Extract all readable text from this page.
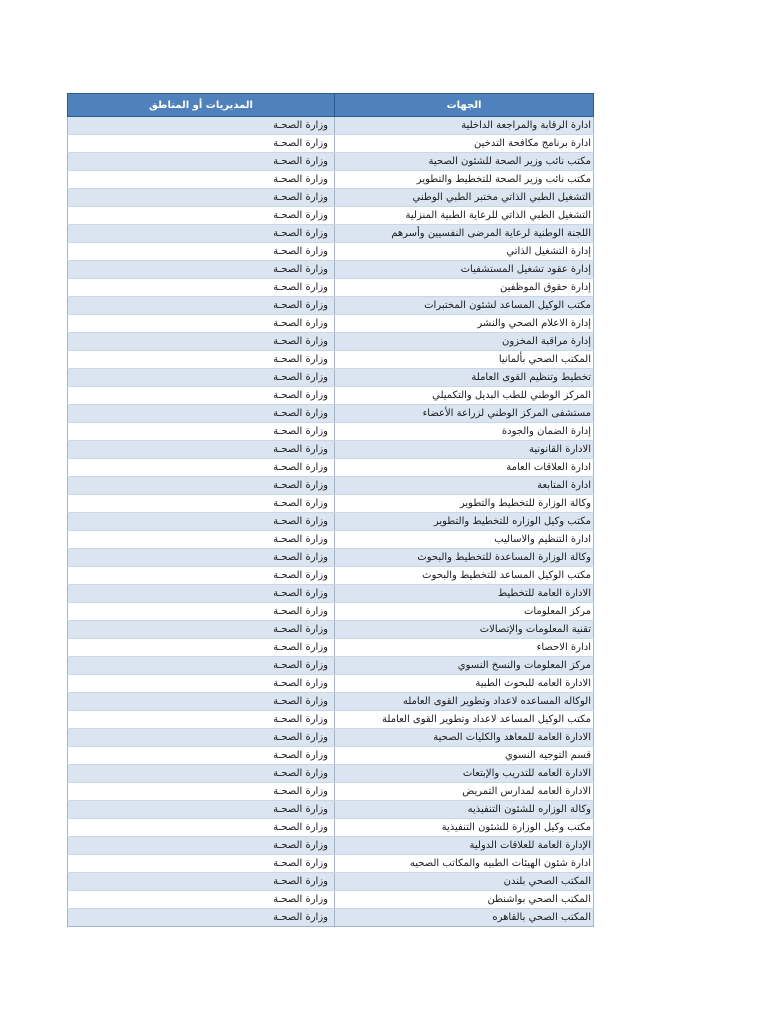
المديريات أو المناطق	الجهات
وزارة الصحـة	ادارة الرقابة والمراجعة الداخلية
وزارة الصحـة	ادارة برنامج مكافحة التدخين
وزارة الصحـة	مكتب نائب وزير الصحة للشئون الصحية
وزارة الصحـة	مكتب نائب وزير الصحة للتخطيط والتطوير
وزارة الصحـة	التشغيل الطبي الذاتي مختبر الطبي الوطني
وزارة الصحـة	التشغيل الطبي الذاتي للرعاية الطبية المنزلية
وزارة الصحـة	اللجنة الوطنية لرعاية المرضى النفسيين وأسرهم
وزارة الصحـة	إدارة التشغيل الذاتي
وزارة الصحـة	إدارة عقود تشغيل المستشفيات
وزارة الصحـة	إدارة حقوق الموظفين
وزارة الصحـة	مكتب الوكيل المساعد لشئون المختبرات
وزارة الصحـة	إدارة الاعلام الصحي والنشر
وزارة الصحـة	إدارة مراقبة المخزون
وزارة الصحـة	المكتب الصحي بألمانيا
وزارة الصحـة	تخطيط وتنظيم القوى العاملة
وزارة الصحـة	المركز الوطني للطب البديل والتكميلي
وزارة الصحـة	مستشفى المركز الوطني لزراعة الأعضاء
وزارة الصحـة	إدارة الضمان والجودة
وزارة الصحـة	الادارة القانونية
وزارة الصحـة	ادارة العلاقات العامة
وزارة الصحـة	ادارة المتابعة
وزارة الصحـة	وكالة الوزارة للتخطيط والتطوير
وزارة الصحـة	مكتب وكيل الوزاره للتخطيط والتطوير
وزارة الصحـة	ادارة التنظيم والاساليب
وزارة الصحـة	وكالة الوزارة المساعدة للتخطيط والبحوث
وزارة الصحـة	مكتب الوكيل المساعد للتخطيط والبحوث
وزارة الصحـة	الادارة العامة للتخطيط
وزارة الصحـة	مركز المعلومات
وزارة الصحـة	تقنية المعلومات والإتصالات
وزارة الصحـة	ادارة الاحصاء
وزارة الصحـة	مركز المعلومات والنسخ النسوي
وزارة الصحـة	الادارة العامه للبحوث الطبية
وزارة الصحـة	الوكاله المساعده لاعداد وتطوير القوى العامله
وزارة الصحـة	مكتب الوكيل المساعد لاعداد وتطوير القوى العاملة
وزارة الصحـة	الادارة العامة للمعاهد والكليات الصحية
وزارة الصحـة	قسم التوجيه النسوي
وزارة الصحـة	الادارة العامه للتدريب والإبتعاث
وزارة الصحـة	الادارة العامه لمدارس التمريض
وزارة الصحـة	وكالة الوزاره للشئون التنفيذيه
وزارة الصحـة	مكتب وكيل الوزارة للشئون التنفيذية
وزارة الصحـة	الإدارة العامة للعلاقات الدولية
وزارة الصحـة	ادارة شئون الهيئات الطبيه والمكاتب الصحيه
وزارة الصحـة	المكتب الصحي بلندن
وزارة الصحـة	المكتب الصحي بواشنطن
وزارة الصحـة	المكتب الصحي بالقاهره
